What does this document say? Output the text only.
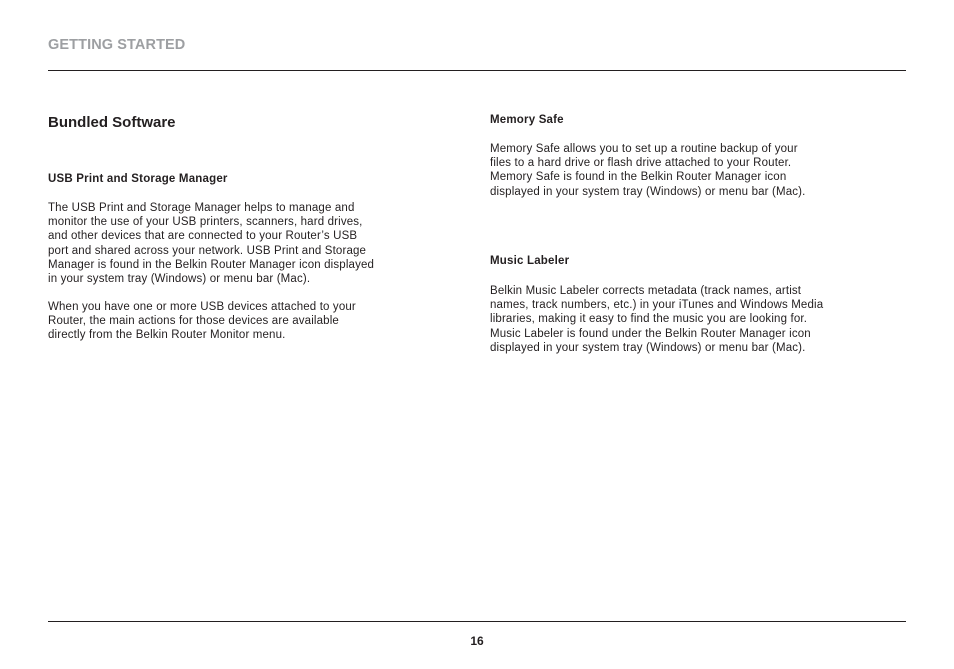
GETTING STARTED
Bundled Software
USB Print and Storage Manager
The USB Print and Storage Manager helps to manage and
monitor the use of your USB printers, scanners, hard drives,
and other devices that are connected to your Router’s USB
port and shared across your network. USB Print and Storage
Manager is found in the Belkin Router Manager icon displayed
in your system tray (Windows) or menu bar (Mac).
When you have one or more USB devices attached to your
Router, the main actions for those devices are available
directly from the Belkin Router Monitor menu.
Memory Safe
Memory Safe allows you to set up a routine backup of your
files to a hard drive or flash drive attached to your Router.
Memory Safe is found in the Belkin Router Manager icon
displayed in your system tray (Windows) or menu bar (Mac).
Music Labeler
Belkin Music Labeler corrects metadata (track names, artist
names, track numbers, etc.) in your iTunes and Windows Media
libraries, making it easy to find the music you are looking for.
Music Labeler is found under the Belkin Router Manager icon
displayed in your system tray (Windows) or menu bar (Mac).
16
